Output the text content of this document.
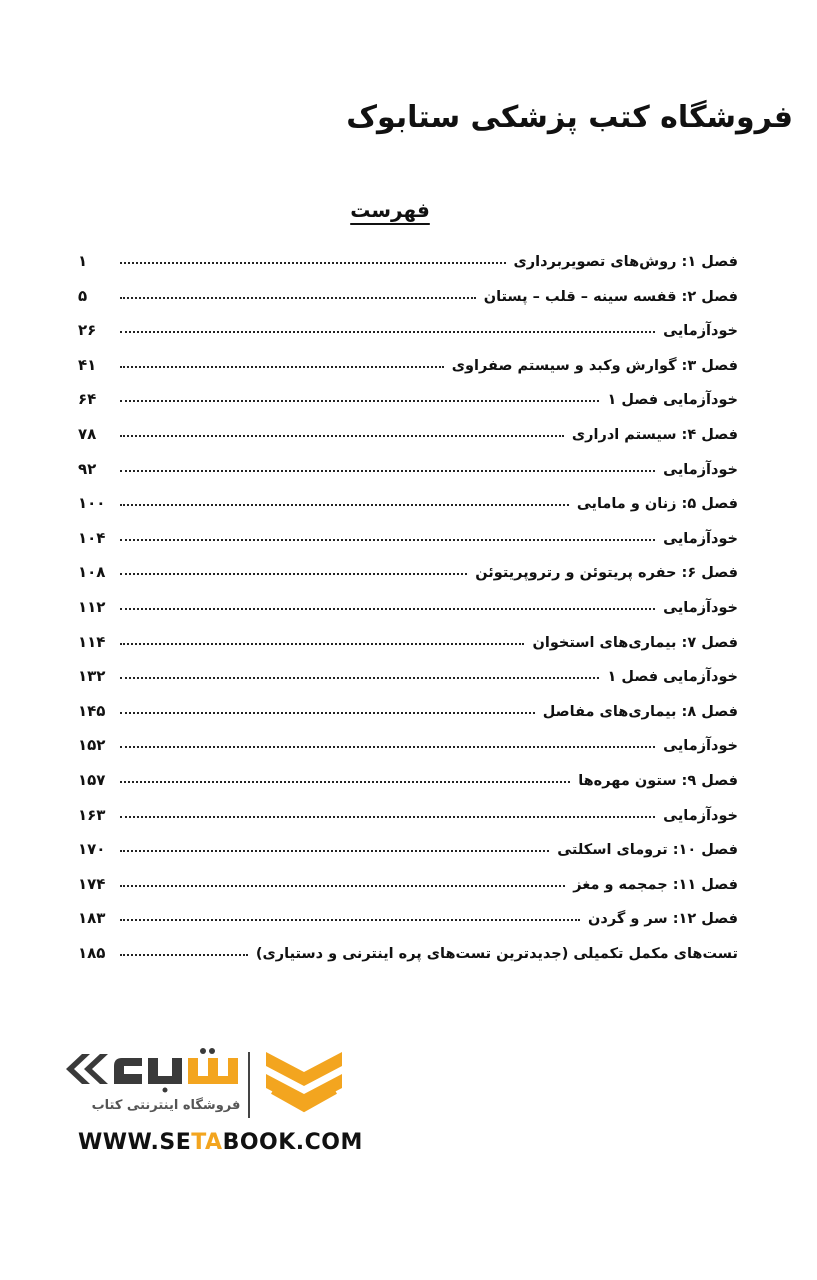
فروشگاه کتب پزشکی ستابوک
فهرست
فصل ۱: روش‌های تصویربرداری
۱
فصل ۲: قفسه سینه – قلب – پستان
۵
خودآزمایی
۲۶
فصل ۳: گوارش وکبد و سیستم صفراوی
۴۱
خودآزمایی فصل ۱
۶۴
فصل ۴: سیستم ادراری
۷۸
خودآزمایی
۹۲
فصل ۵: زنان و مامایی
۱۰۰
خودآزمایی
۱۰۴
فصل ۶: حفره پریتوئن و رتروپریتوئن
۱۰۸
خودآزمایی
۱۱۲
فصل ۷: بیماری‌های استخوان
۱۱۴
خودآزمایی فصل ۱
۱۳۲
فصل ۸: بیماری‌های مفاصل
۱۴۵
خودآزمایی
۱۵۲
فصل ۹: ستون مهره‌ها
۱۵۷
خودآزمایی
۱۶۳
فصل ۱۰: ترومای اسکلتی
۱۷۰
فصل ۱۱: جمجمه و مغز
۱۷۴
فصل ۱۲: سر و گردن
۱۸۳
تست‌های مکمل تکمیلی (جدیدترین تست‌های پره اینترنی و دستیاری)
۱۸۵
فروشگاه اینترنتی کتاب
WWW.SETABOOK.COM
